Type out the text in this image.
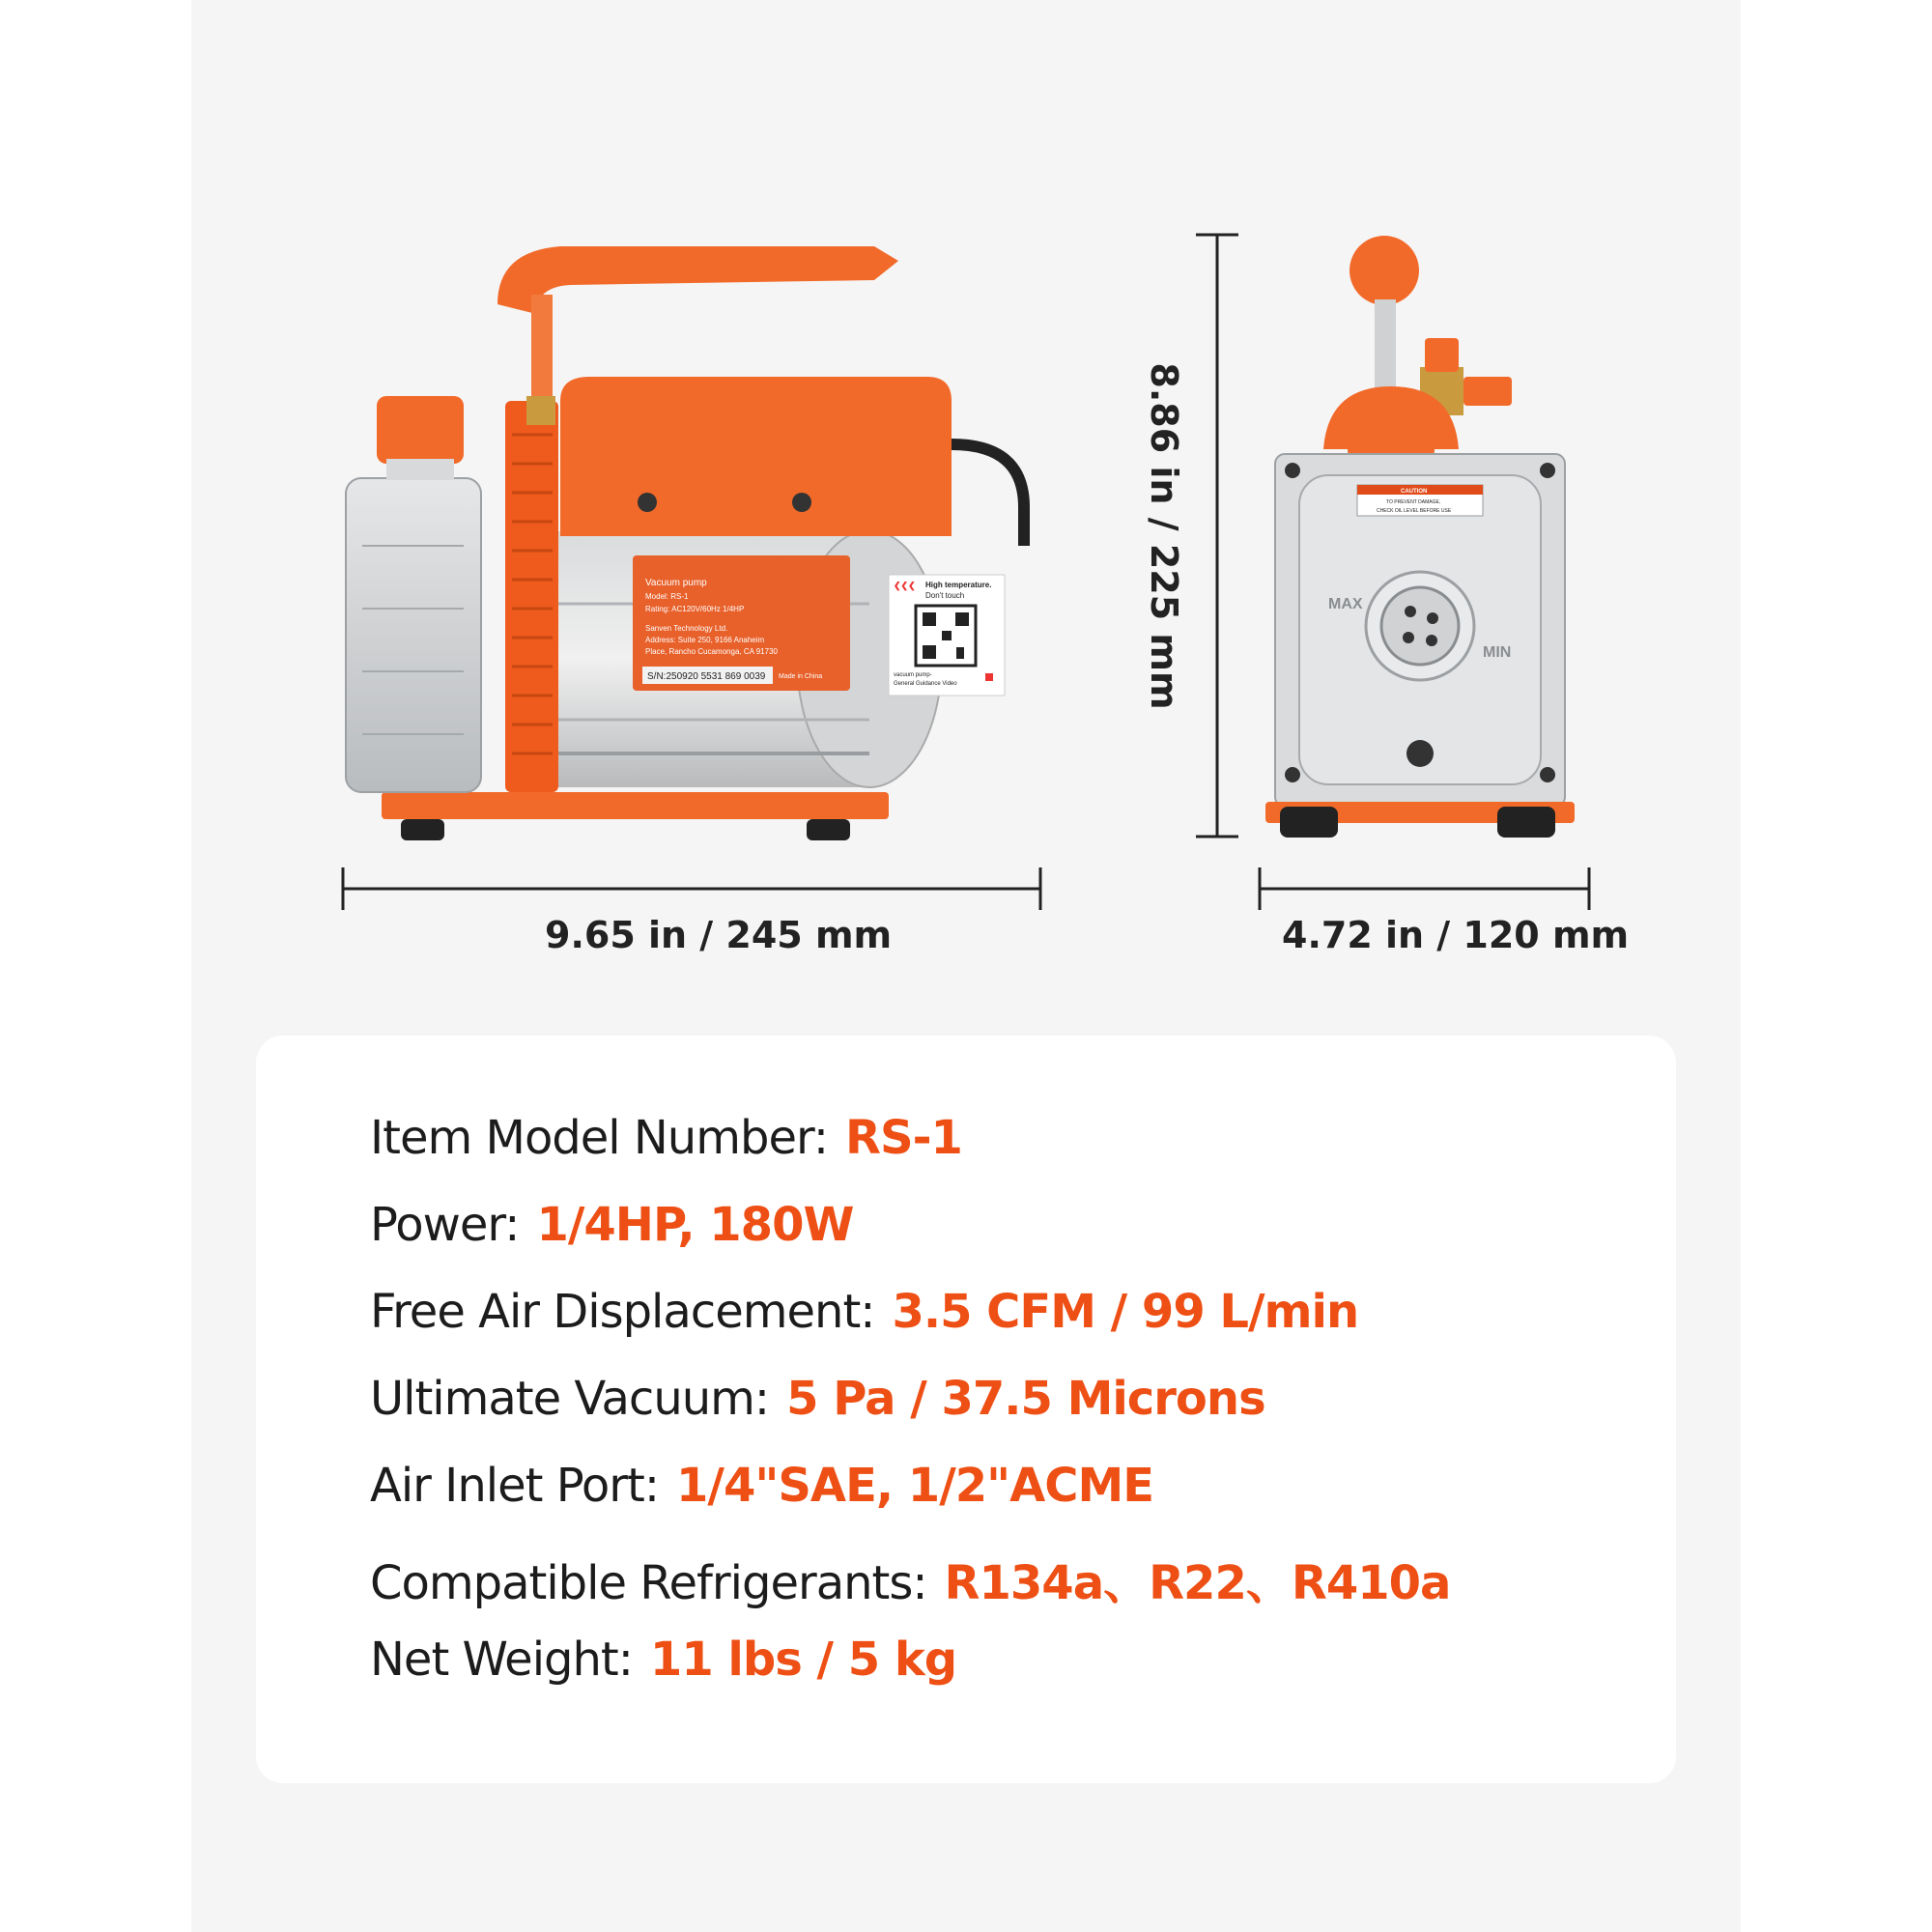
Vacuum pump
Model: RS-1
Rating: AC120V/60Hz 1/4HP
Sanven Technology Ltd.
Address: Suite 250, 9166 Anaheim
Place, Rancho Cucamonga, CA 91730
S/N:250920 5531 869 0039 Made in China
❮❮❮ High temperature.
Don't touch
vacuum pump-
General Guidance Video
CAUTION
TO PREVENT DAMAGE,
CHECK OIL LEVEL BEFORE USE
MAX
MIN
9.65 in / 245 mm	4.72 in / 120 mm
8.86 in / 225 mm
Item Model Number: RS-1
Power: 1/4HP, 180W
Free Air Displacement: 3.5 CFM / 99 L/min
Ultimate Vacuum: 5 Pa / 37.5 Microns
Air Inlet Port: 1/4"SAE, 1/2"ACME
Compatible Refrigerants: R134a、R22、R410a
Net Weight: 11 lbs / 5 kg
